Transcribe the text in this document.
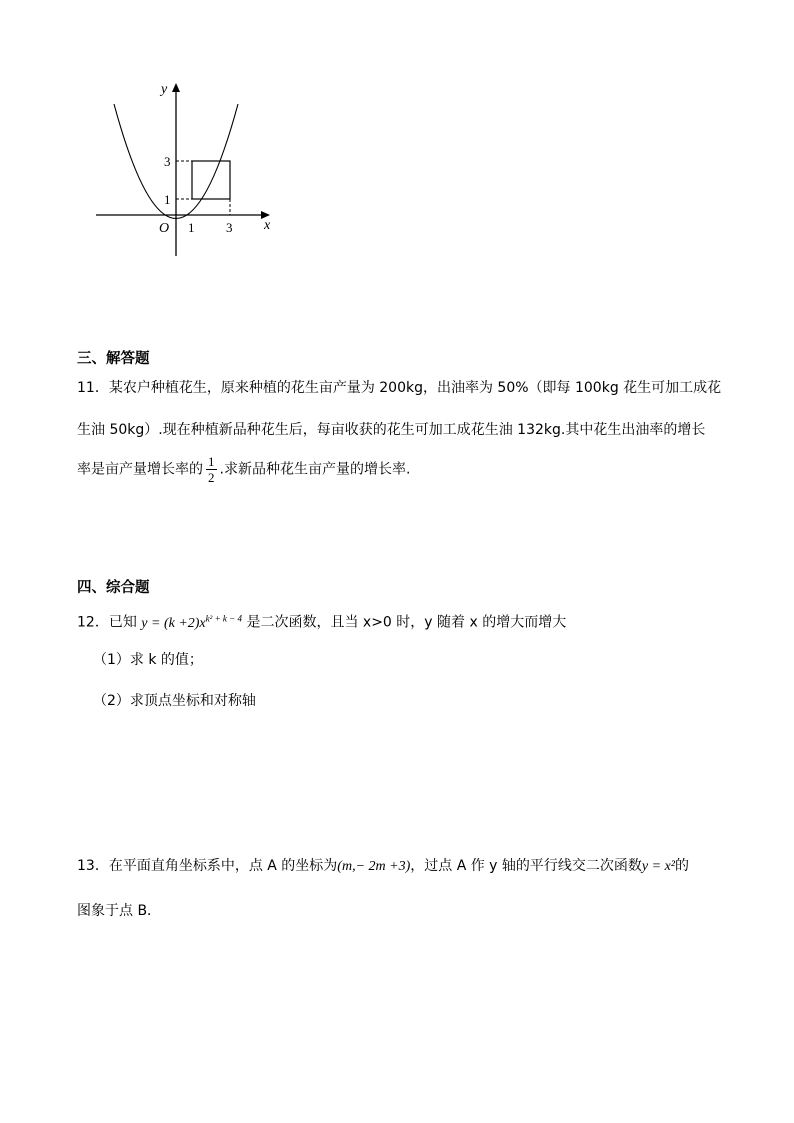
y
x
O 1 3
3
1
三、解答题
11．某农户种植花生，原来种植的花生亩产量为 200kg，出油率为 50%（即每 100kg 花生可加工成花
生油 50kg）.现在种植新品种花生后，每亩收获的花生可加工成花生油 132kg.其中花生出油率的增长
率是亩产量增长率的 $\frac{1}{2}$ .求新品种花生亩产量的增长率.
四、综合题
12．已知 $y = (k +2)x^{k^2 + k - 4}$ 是二次函数，且当 x>0 时，y 随着 x 的增大而增大
（1）求 k 的值；
（2）求顶点坐标和对称轴
13．在平面直角坐标系中，点 A 的坐标为(m,− 2m +3)，过点 A 作 y 轴的平行线交二次函数y = x²的
图象于点 B．
